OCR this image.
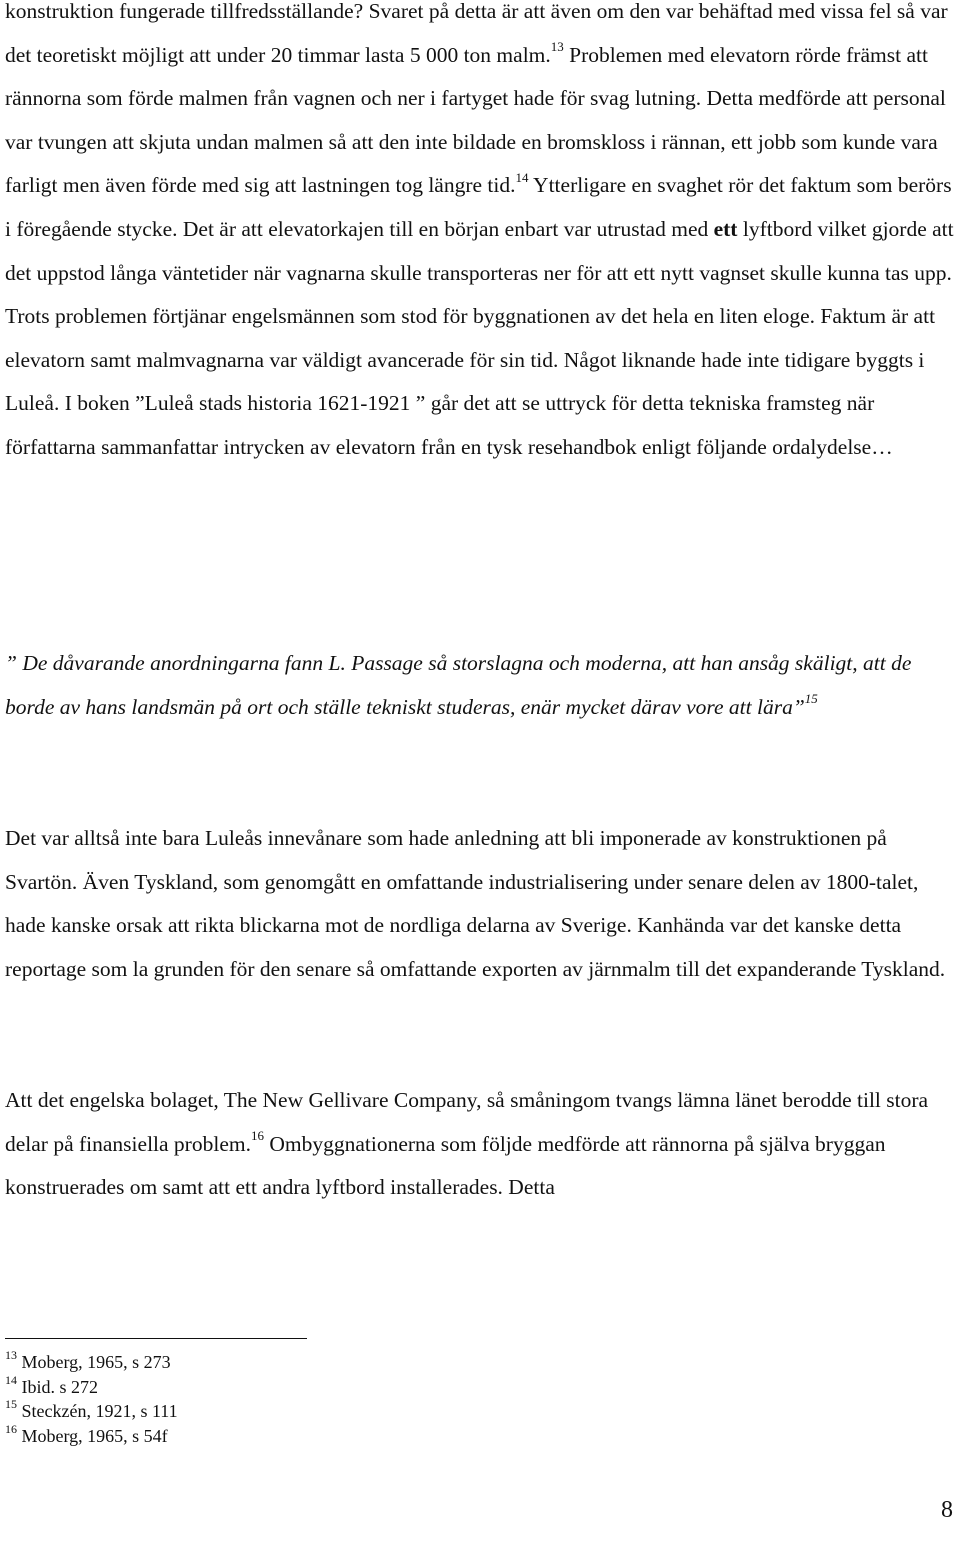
konstruktion fungerade tillfredsställande? Svaret på detta är att även om den var behäftad med vissa fel så var det teoretiskt möjligt att under 20 timmar lasta 5 000 ton malm.$^{13}$ Problemen med elevatorn rörde främst att rännorna som förde malmen från vagnen och ner i fartyget hade för svag lutning. Detta medförde att personal var tvungen att skjuta undan malmen så att den inte bildade en bromskloss i rännan, ett jobb som kunde vara farligt men även förde med sig att lastningen tog längre tid.$^{14}$ Ytterligare en svaghet rör det faktum som berörs i föregående stycke. Det är att elevatorkajen till en början enbart var utrustad med ett lyftbord vilket gjorde att det uppstod långa väntetider när vagnarna skulle transporteras ner för att ett nytt vagnset skulle kunna tas upp. Trots problemen förtjänar engelsmännen som stod för byggnationen av det hela en liten eloge. Faktum är att elevatorn samt malmvagnarna var väldigt avancerade för sin tid. Något liknande hade inte tidigare byggts i Luleå. I boken ”Luleå stads historia 1621-1921 ” går det att se uttryck för detta tekniska framsteg när författarna sammanfattar intrycken av elevatorn från en tysk resehandbok enligt följande ordalydelse…

” De dåvarande anordningarna fann L. Passage så storslagna och moderna, att han ansåg skäligt, att de borde av hans landsmän på ort och ställe tekniskt studeras, enär mycket därav vore att lära”$^{15}$

Det var alltså inte bara Luleås innevånare som hade anledning att bli imponerade av konstruktionen på Svartön. Även Tyskland, som genomgått en omfattande industrialisering under senare delen av 1800-talet, hade kanske orsak att rikta blickarna mot de nordliga delarna av Sverige. Kanhända var det kanske detta reportage som la grunden för den senare så omfattande exporten av järnmalm till det expanderande Tyskland.

Att det engelska bolaget, The New Gellivare Company, så småningom tvangs lämna länet berodde till stora delar på finansiella problem.$^{16}$ Ombyggnationerna som följde medförde att rännorna på själva bryggan konstruerades om samt att ett andra lyftbord installerades. Detta

$^{13}$ Moberg, 1965, s 273
$^{14}$ Ibid. s 272
$^{15}$ Steckzén, 1921, s 111
$^{16}$ Moberg, 1965, s 54f
8
